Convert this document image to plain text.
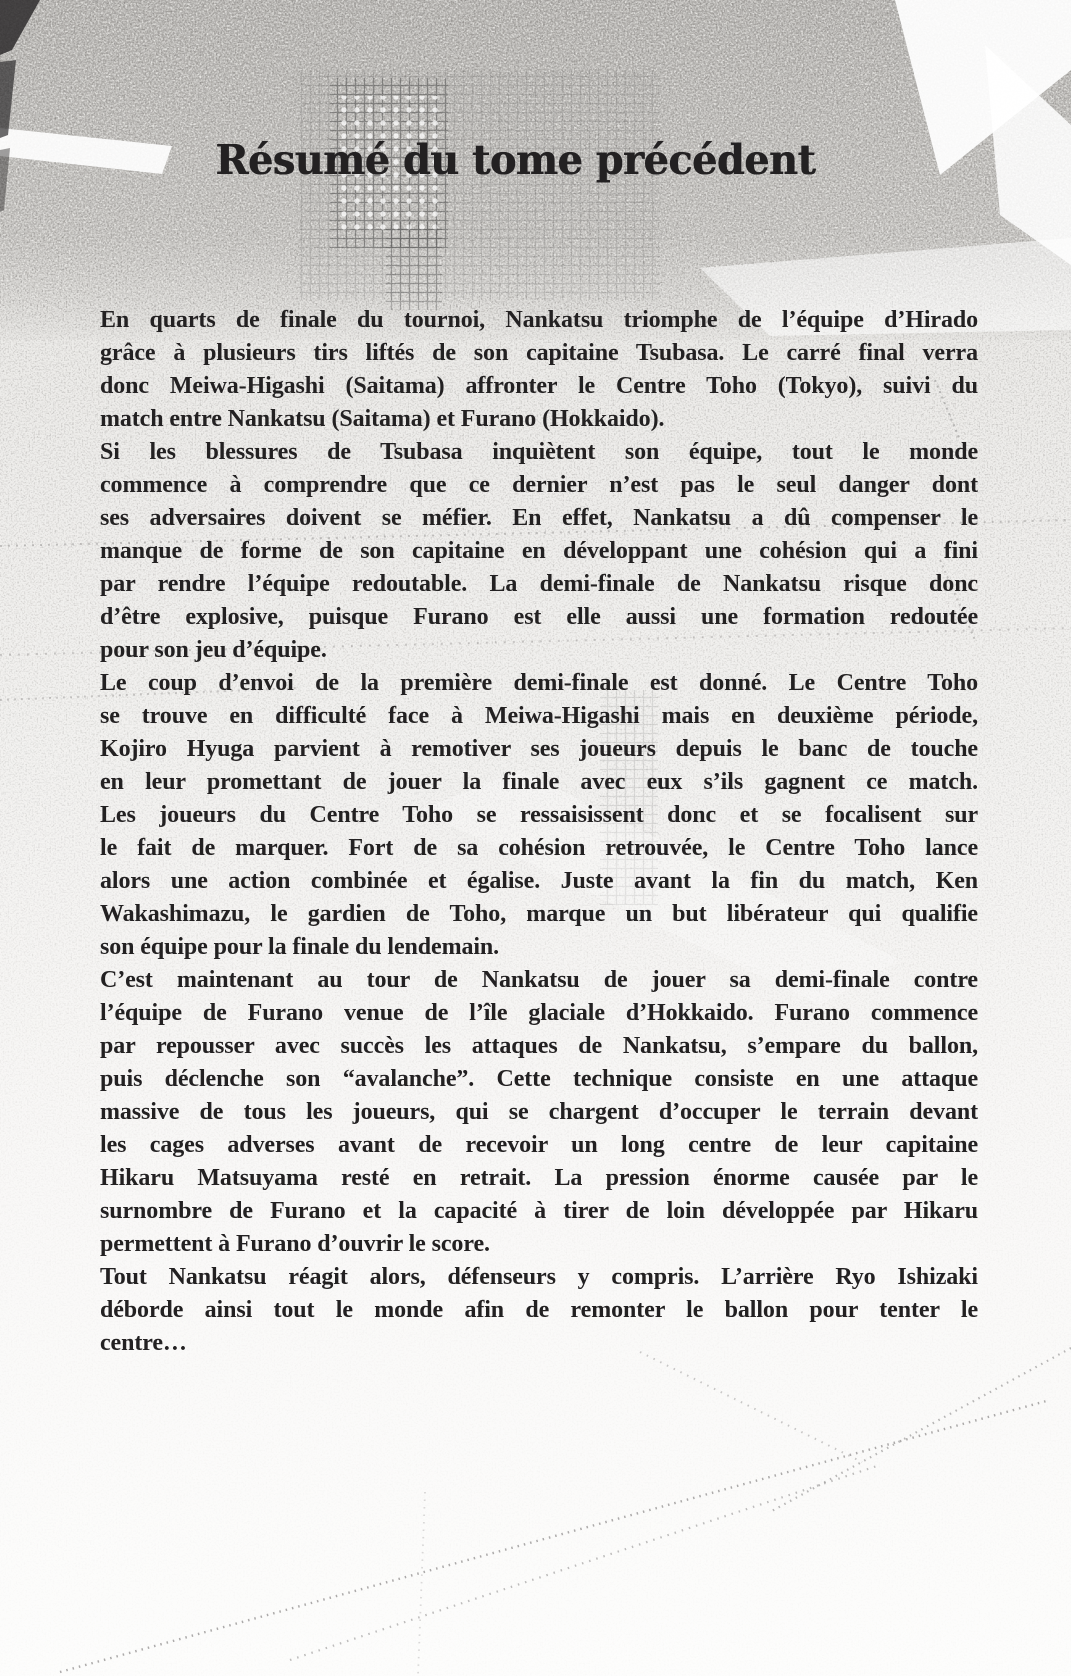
Résumé du tome précédent
En quarts de finale du tournoi, Nankatsu triomphe de l’équipe d’Hirado
grâce à plusieurs tirs liftés de son capitaine Tsubasa. Le carré final verra
donc Meiwa-Higashi (Saitama) affronter le Centre Toho (Tokyo), suivi du
match entre Nankatsu (Saitama) et Furano (Hokkaido).
Si les blessures de Tsubasa inquiètent son équipe, tout le monde
commence à comprendre que ce dernier n’est pas le seul danger dont
ses adversaires doivent se méfier. En effet, Nankatsu a dû compenser le
manque de forme de son capitaine en développant une cohésion qui a fini
par rendre l’équipe redoutable. La demi-finale de Nankatsu risque donc
d’être explosive, puisque Furano est elle aussi une formation redoutée
pour son jeu d’équipe.
Le coup d’envoi de la première demi-finale est donné. Le Centre Toho
se trouve en difficulté face à Meiwa-Higashi mais en deuxième période,
Kojiro Hyuga parvient à remotiver ses joueurs depuis le banc de touche
en leur promettant de jouer la finale avec eux s’ils gagnent ce match.
Les joueurs du Centre Toho se ressaisissent donc et se focalisent sur
le fait de marquer. Fort de sa cohésion retrouvée, le Centre Toho lance
alors une action combinée et égalise. Juste avant la fin du match, Ken
Wakashimazu, le gardien de Toho, marque un but libérateur qui qualifie
son équipe pour la finale du lendemain.
C’est maintenant au tour de Nankatsu de jouer sa demi-finale contre
l’équipe de Furano venue de l’île glaciale d’Hokkaido. Furano commence
par repousser avec succès les attaques de Nankatsu, s’empare du ballon,
puis déclenche son “avalanche”. Cette technique consiste en une attaque
massive de tous les joueurs, qui se chargent d’occuper le terrain devant
les cages adverses avant de recevoir un long centre de leur capitaine
Hikaru Matsuyama resté en retrait. La pression énorme causée par le
surnombre de Furano et la capacité à tirer de loin développée par Hikaru
permettent à Furano d’ouvrir le score.
Tout Nankatsu réagit alors, défenseurs y compris. L’arrière Ryo Ishizaki
déborde ainsi tout le monde afin de remonter le ballon pour tenter le
centre…
